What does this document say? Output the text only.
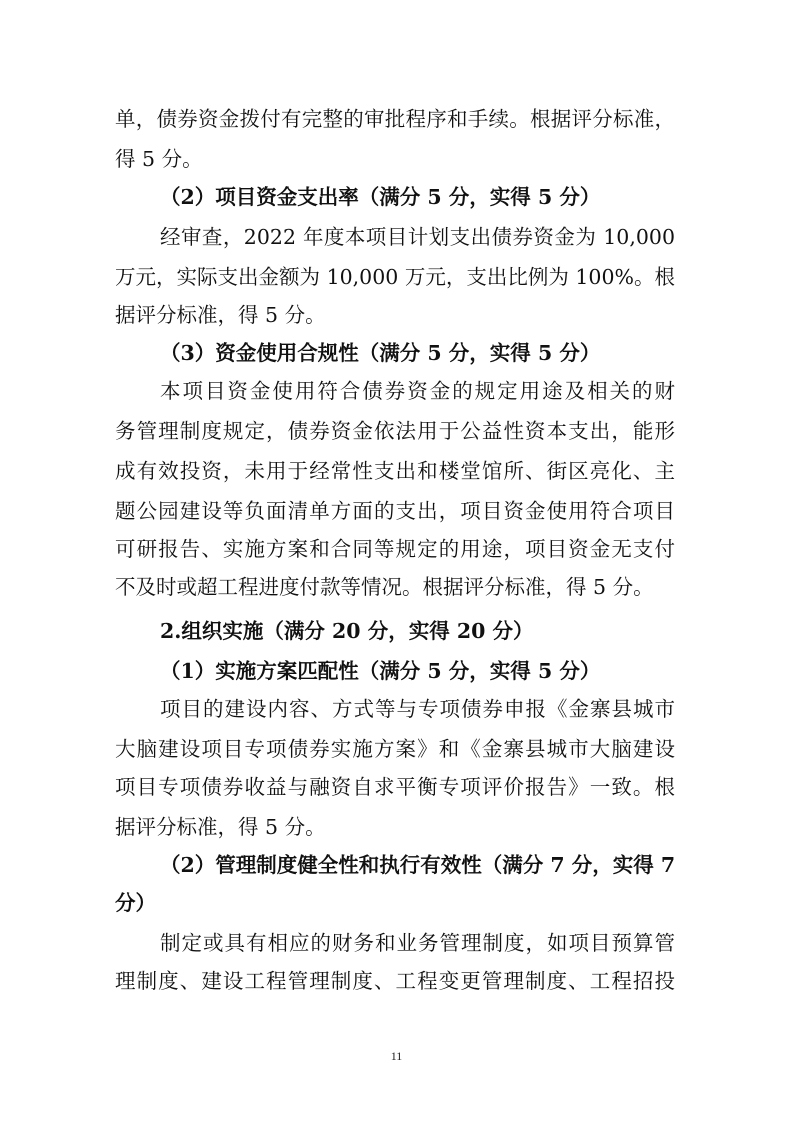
单，债券资金拨付有完整的审批程序和手续。根据评分标准，
得 5 分。
（2）项目资金支出率（满分 5 分，实得 5 分）
经审查，2022 年度本项目计划支出债券资金为 10,000
万元，实际支出金额为 10,000 万元，支出比例为 100%。根
据评分标准，得 5 分。
（3）资金使用合规性（满分 5 分，实得 5 分）
本项目资金使用符合债券资金的规定用途及相关的财
务管理制度规定，债券资金依法用于公益性资本支出，能形
成有效投资，未用于经常性支出和楼堂馆所、街区亮化、主
题公园建设等负面清单方面的支出，项目资金使用符合项目
可研报告、实施方案和合同等规定的用途，项目资金无支付
不及时或超工程进度付款等情况。根据评分标准，得 5 分。
2.组织实施（满分 20 分，实得 20 分）
（1）实施方案匹配性（满分 5 分，实得 5 分）
项目的建设内容、方式等与专项债券申报《金寨县城市
大脑建设项目专项债券实施方案》和《金寨县城市大脑建设
项目专项债券收益与融资自求平衡专项评价报告》一致。根
据评分标准，得 5 分。
（2）管理制度健全性和执行有效性（满分 7 分，实得 7
分）
制定或具有相应的财务和业务管理制度，如项目预算管
理制度、建设工程管理制度、工程变更管理制度、工程招投
11
